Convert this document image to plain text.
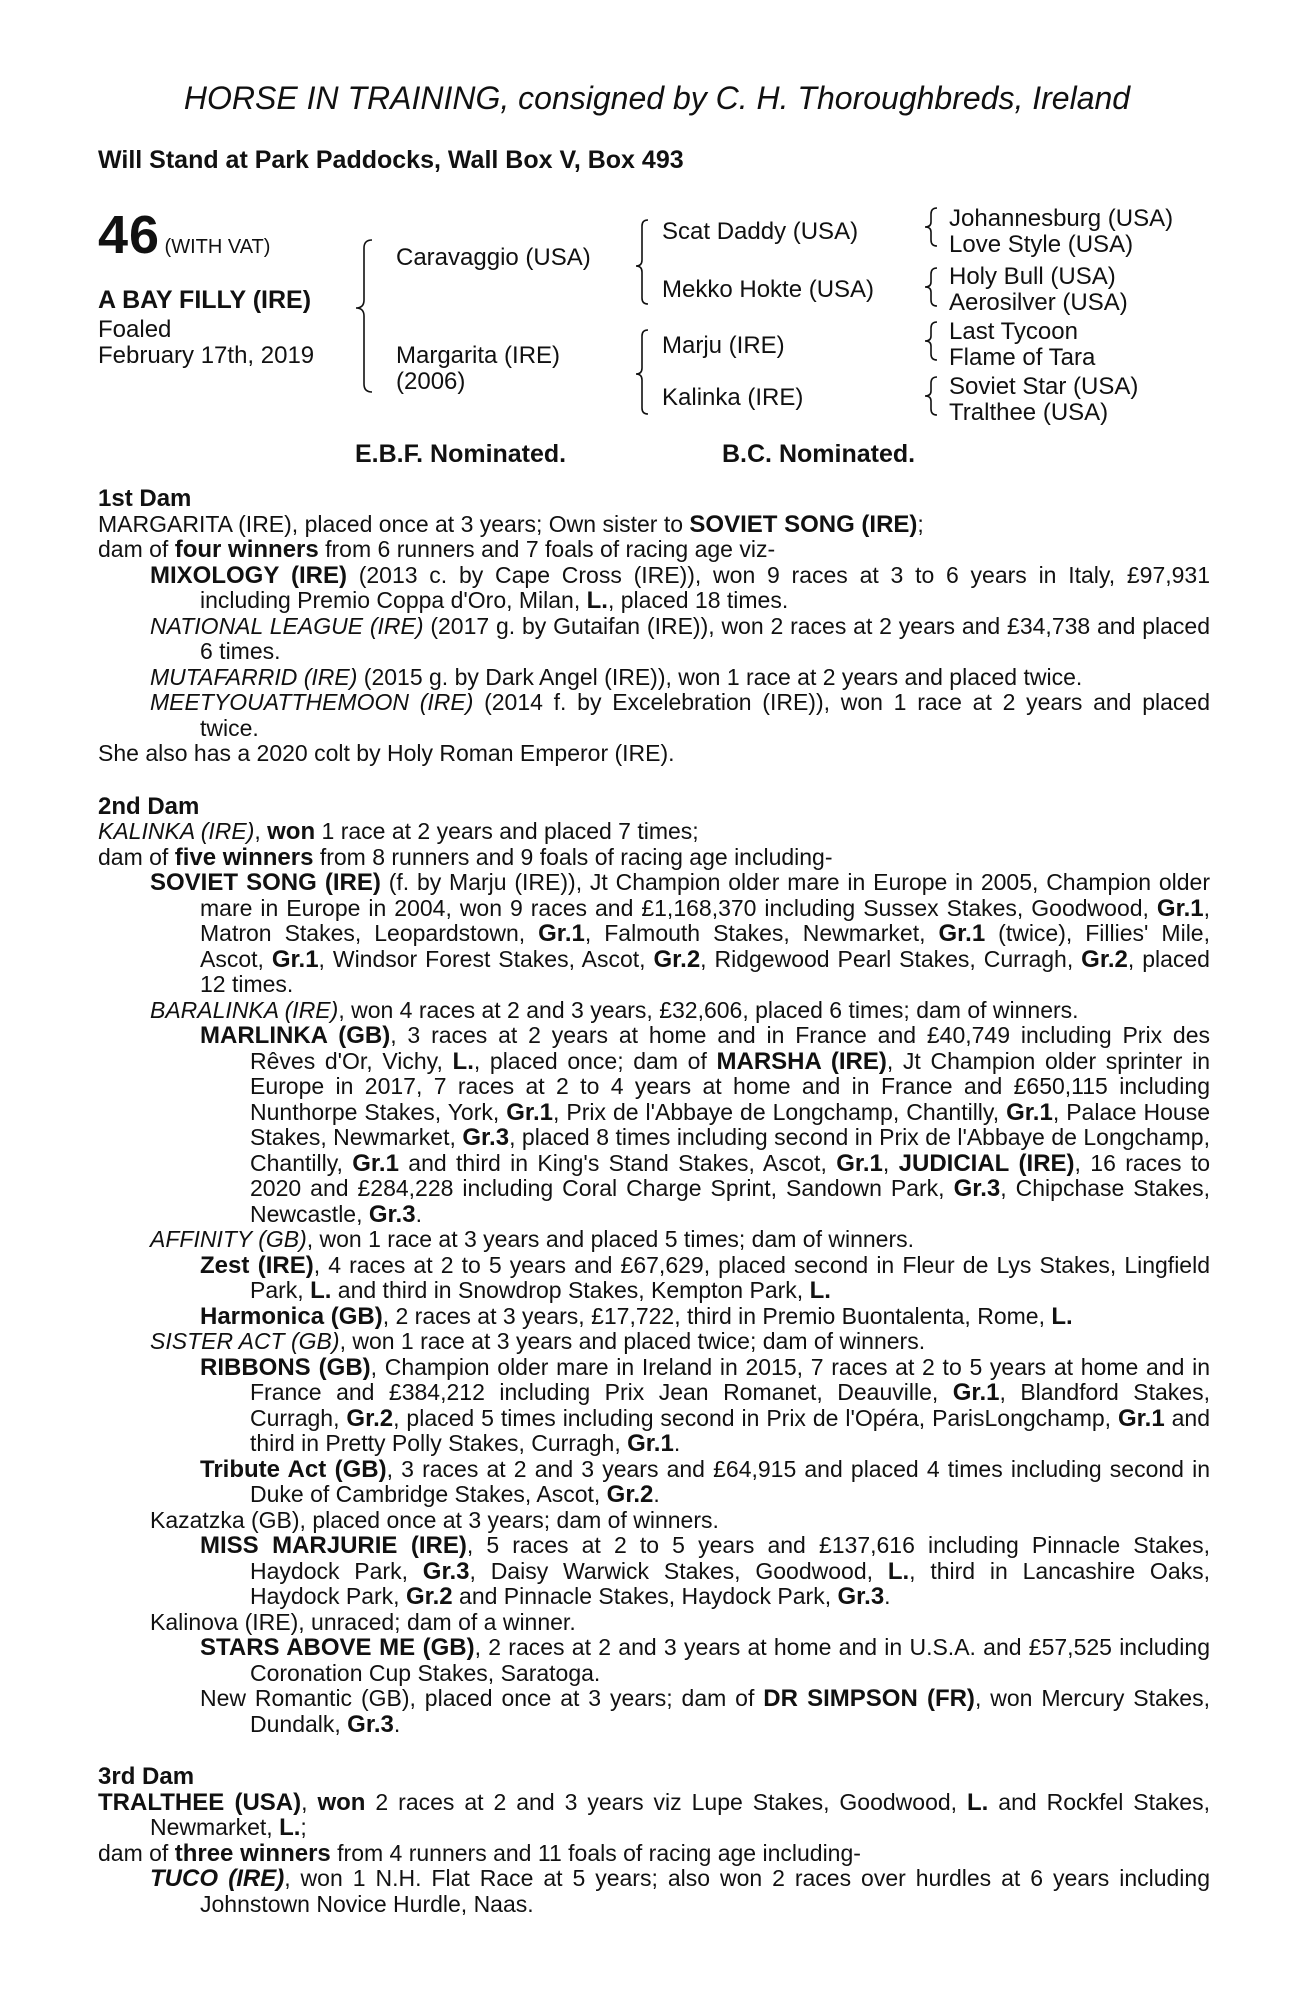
HORSE IN TRAINING, consigned by C. H. Thoroughbreds, Ireland
Will Stand at Park Paddocks, Wall Box V, Box 493
46 (WITH VAT)
A BAY FILLY (IRE)
Foaled
February 17th, 2019
Caravaggio (USA)
Margarita (IRE)
(2006)
Scat Daddy (USA)
Mekko Hokte (USA)
Marju (IRE)
Kalinka (IRE)
Johannesburg (USA)
Love Style (USA)
Holy Bull (USA)
Aerosilver (USA)
Last Tycoon
Flame of Tara
Soviet Star (USA)
Tralthee (USA)
E.B.F. Nominated.	B.C. Nominated.

1st Dam

MARGARITA (IRE), placed once at 3 years; Own sister to SOVIET SONG (IRE);

dam of four winners from 6 runners and 7 foals of racing age viz-

MIXOLOGY (IRE) (2013 c. by Cape Cross (IRE)), won 9 races at 3 to 6 years in Italy, £97,931 including Premio Coppa d'Oro, Milan, L., placed 18 times.

NATIONAL LEAGUE (IRE) (2017 g. by Gutaifan (IRE)), won 2 races at 2 years and £34,738 and placed 6 times.

MUTAFARRID (IRE) (2015 g. by Dark Angel (IRE)), won 1 race at 2 years and placed twice.

MEETYOUATTHEMOON (IRE) (2014 f. by Excelebration (IRE)), won 1 race at 2 years and placed twice.

She also has a 2020 colt by Holy Roman Emperor (IRE).

2nd Dam

KALINKA (IRE), won 1 race at 2 years and placed 7 times;

dam of five winners from 8 runners and 9 foals of racing age including-

SOVIET SONG (IRE) (f. by Marju (IRE)), Jt Champion older mare in Europe in 2005, Champion older mare in Europe in 2004, won 9 races and £1,168,370 including Sussex Stakes, Goodwood, Gr.1, Matron Stakes, Leopardstown, Gr.1, Falmouth Stakes, Newmarket, Gr.1 (twice), Fillies' Mile, Ascot, Gr.1, Windsor Forest Stakes, Ascot, Gr.2, Ridgewood Pearl Stakes, Curragh, Gr.2, placed 12 times.

BARALINKA (IRE), won 4 races at 2 and 3 years, £32,606, placed 6 times; dam of winners.

MARLINKA (GB), 3 races at 2 years at home and in France and £40,749 including Prix des Rêves d'Or, Vichy, L., placed once; dam of MARSHA (IRE), Jt Champion older sprinter in Europe in 2017, 7 races at 2 to 4 years at home and in France and £650,115 including Nunthorpe Stakes, York, Gr.1, Prix de l'Abbaye de Longchamp, Chantilly, Gr.1, Palace House Stakes, Newmarket, Gr.3, placed 8 times including second in Prix de l'Abbaye de Longchamp, Chantilly, Gr.1 and third in King's Stand Stakes, Ascot, Gr.1, JUDICIAL (IRE), 16 races to 2020 and £284,228 including Coral Charge Sprint, Sandown Park, Gr.3, Chipchase Stakes, Newcastle, Gr.3.

AFFINITY (GB), won 1 race at 3 years and placed 5 times; dam of winners.

Zest (IRE), 4 races at 2 to 5 years and £67,629, placed second in Fleur de Lys Stakes, Lingfield Park, L. and third in Snowdrop Stakes, Kempton Park, L.

Harmonica (GB), 2 races at 3 years, £17,722, third in Premio Buontalenta, Rome, L.

SISTER ACT (GB), won 1 race at 3 years and placed twice; dam of winners.

RIBBONS (GB), Champion older mare in Ireland in 2015, 7 races at 2 to 5 years at home and in France and £384,212 including Prix Jean Romanet, Deauville, Gr.1, Blandford Stakes, Curragh, Gr.2, placed 5 times including second in Prix de l'Opéra, ParisLongchamp, Gr.1 and third in Pretty Polly Stakes, Curragh, Gr.1.

Tribute Act (GB), 3 races at 2 and 3 years and £64,915 and placed 4 times including second in Duke of Cambridge Stakes, Ascot, Gr.2.

Kazatzka (GB), placed once at 3 years; dam of winners.

MISS MARJURIE (IRE), 5 races at 2 to 5 years and £137,616 including Pinnacle Stakes, Haydock Park, Gr.3, Daisy Warwick Stakes, Goodwood, L., third in Lancashire Oaks, Haydock Park, Gr.2 and Pinnacle Stakes, Haydock Park, Gr.3.

Kalinova (IRE), unraced; dam of a winner.

STARS ABOVE ME (GB), 2 races at 2 and 3 years at home and in U.S.A. and £57,525 including Coronation Cup Stakes, Saratoga.

New Romantic (GB), placed once at 3 years; dam of DR SIMPSON (FR), won Mercury Stakes, Dundalk, Gr.3.

3rd Dam

TRALTHEE (USA), won 2 races at 2 and 3 years viz Lupe Stakes, Goodwood, L. and Rockfel Stakes, Newmarket, L.;

dam of three winners from 4 runners and 11 foals of racing age including-

TUCO (IRE), won 1 N.H. Flat Race at 5 years; also won 2 races over hurdles at 6 years including Johnstown Novice Hurdle, Naas.
